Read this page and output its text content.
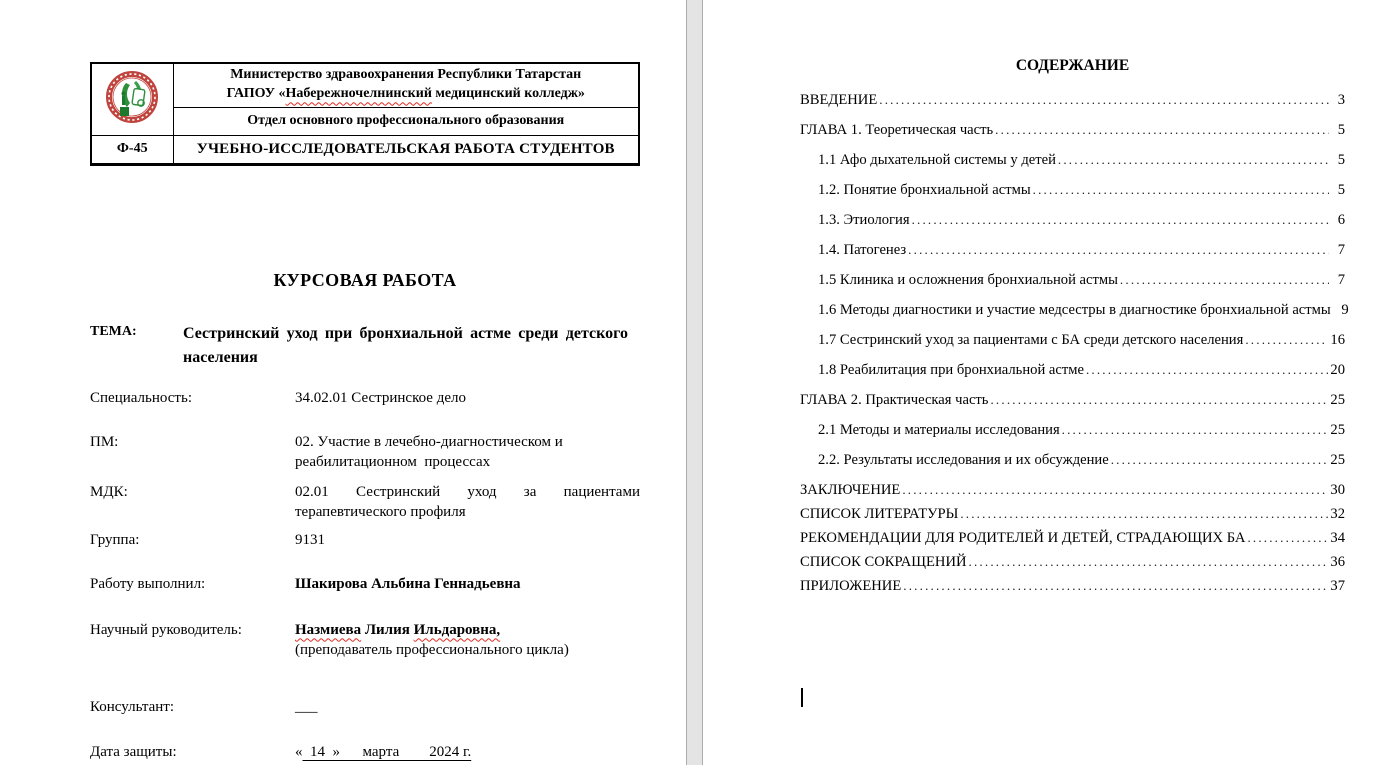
Министерство здравоохранения Республики Татарстан
ГАПОУ «Набережночелнинский медицинский колледж»

	Отдел основного профессионального образования
Ф-45	УЧЕБНО-ИССЛЕДОВАТЕЛЬСКАЯ РАБОТА СТУДЕНТОВ
КУРСОВАЯ РАБОТА
ТЕМА:	Сестринский уход при бронхиальной астме среди детского населения
Специальность:	34.02.01 Сестринское дело
ПМ:	02. Участие в лечебно-диагностическом и реабилитационном  процессах
МДК:	02.01 Сестринский уход за пациентами терапевтического профиля
Группа:	9131
Работу выполнил:	Шакирова Альбина Геннадьевна
Научный руководитель:	Назмиева Лилия Ильдаровна,
(преподаватель профессионального цикла)
Консультант:	___
Дата защиты:	«  14  »      марта        2024 г.
СОДЕРЖАНИЕ
ВВЕДЕНИЕ .....	3
ГЛАВА 1. Теоретическая часть .....	5
1.1 Афо дыхательной системы у детей .....	5
1.2. Понятие бронхиальной астмы .....	5
1.3. Этиология .....	6
1.4. Патогенез .....	7
1.5 Клиника и осложнения бронхиальной астмы .....	7
1.6 Методы диагностики и участие медсестры в диагностике бронхиальной астмы 9
1.7 Сестринский уход за пациентами с БА среди детского населения .....	16
1.8 Реабилитация при бронхиальной астме .....	20
ГЛАВА 2. Практическая часть .....	25
2.1 Методы и материалы исследования .....	25
2.2. Результаты исследования и их обсуждение .....	25
ЗАКЛЮЧЕНИЕ .....	30
СПИСОК ЛИТЕРАТУРЫ .....	32
РЕКОМЕНДАЦИИ ДЛЯ РОДИТЕЛЕЙ И ДЕТЕЙ, СТРАДАЮЩИХ БА .....	34
СПИСОК СОКРАЩЕНИЙ .....	36
ПРИЛОЖЕНИЕ .....	37
